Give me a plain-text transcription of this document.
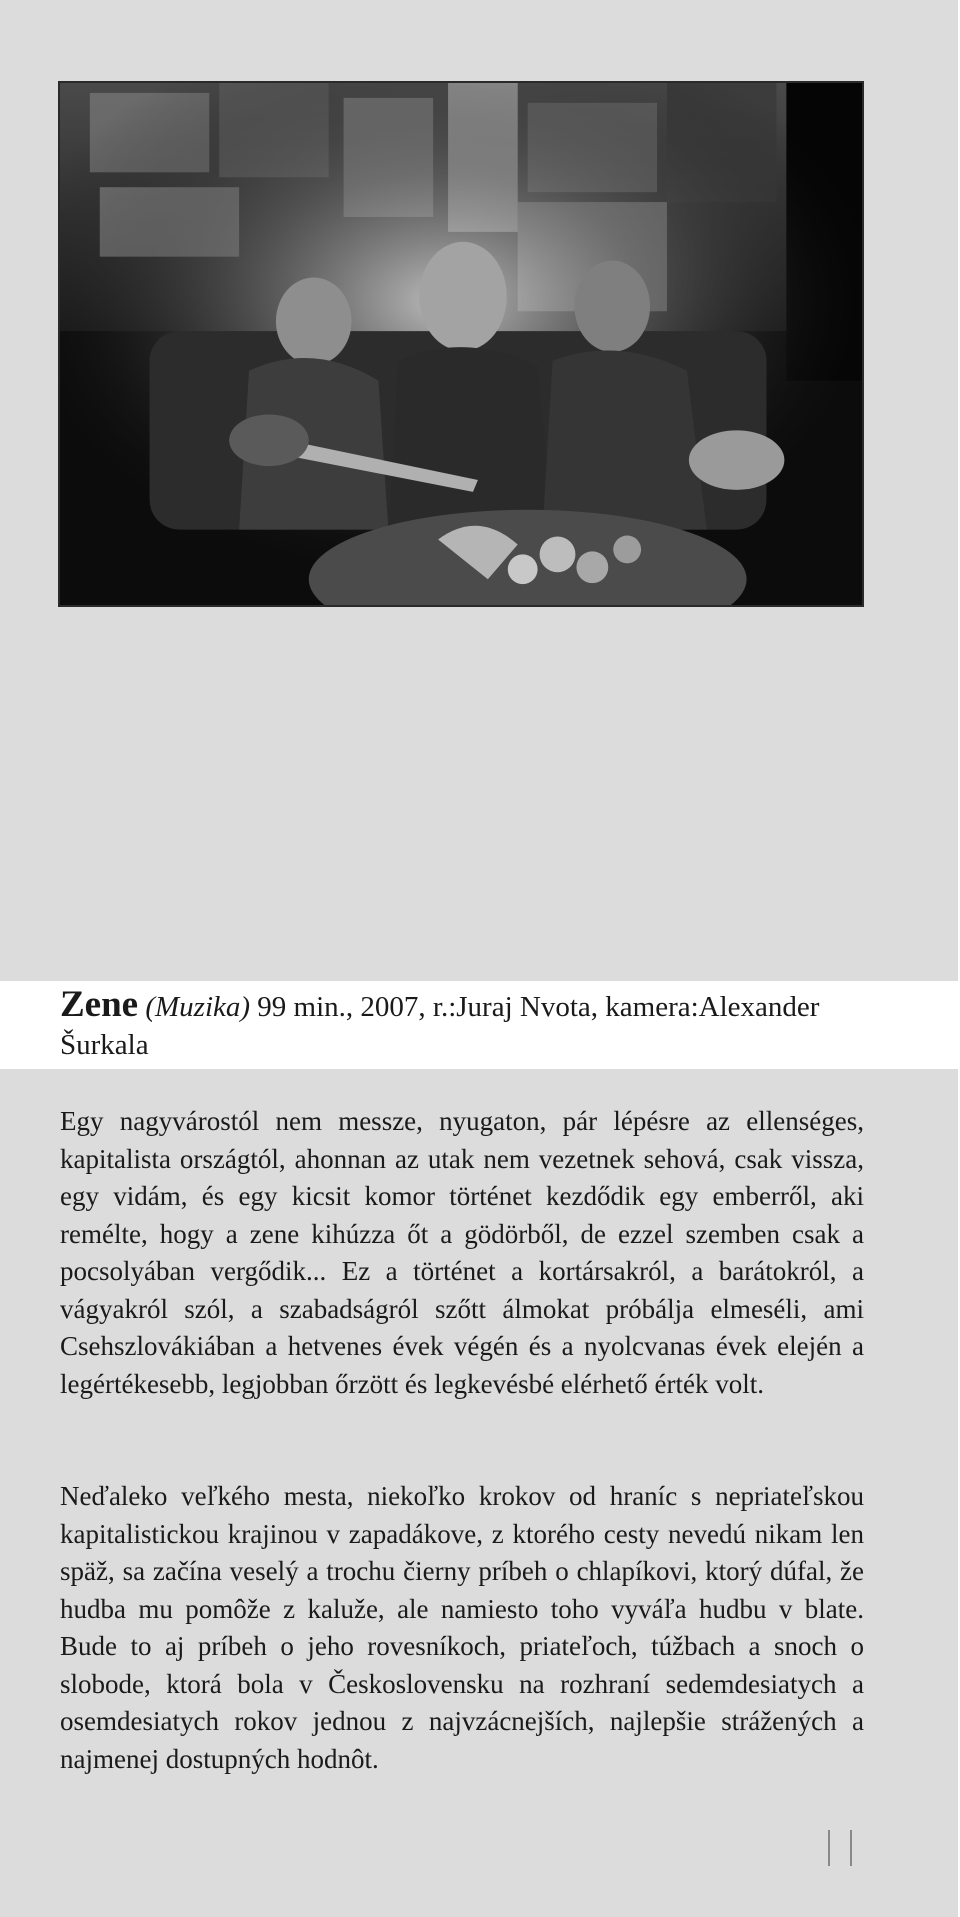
Zene (Muzika) 99 min., 2007, r.:Juraj Nvota, kamera:Alexander Šurkala

Egy nagyvárostól nem messze, nyugaton, pár lépésre az ellenséges, kapitalista országtól, ahonnan az utak nem vezetnek sehová, csak vissza, egy vidám, és egy kicsit komor történet kezdődik egy emberről, aki remélte, hogy a zene kihúzza őt a gödörből, de ezzel szemben csak a pocsolyában vergődik... Ez a történet a kortársakról, a barátokról, a vágyakról szól, a szabadságról szőtt álmokat próbálja elmeséli, ami Csehszlovákiában a hetvenes évek végén és a nyolcvanas évek elején a legértékesebb, legjobban őrzött és legkevésbé elérhető érték volt.

Neďaleko veľkého mesta, niekoľko krokov od hraníc s nepriateľskou kapitalistickou krajinou v zapadákove, z ktorého cesty nevedú nikam len späž, sa začína veselý a trochu čierny príbeh o chlapíkovi, ktorý dúfal, že hudba mu pomôže z kaluže, ale namiesto toho vyváľa hudbu v blate. Bude to aj príbeh o jeho rovesníkoch, priateľoch, túžbach a snoch o slobode, ktorá bola v Československu na rozhraní sedemdesiatych a osemdesiatych rokov jednou z najvzácnejších, najlepšie strážených a najmenej dostupných hodnôt.
